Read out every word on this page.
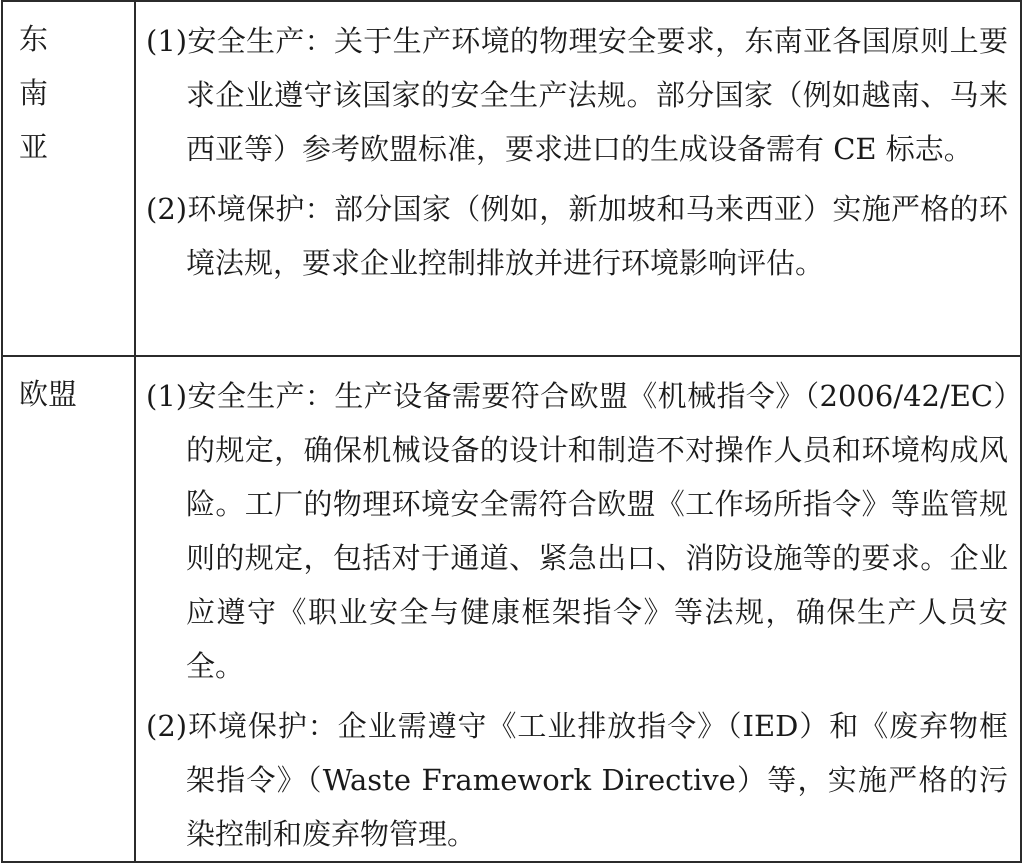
东 南 亚	(1)安全生产：关于生产环境的物理安全要求，东南亚各国原则上要求企业遵守该国家的安全生产法规。部分国家（例如越南、马来西亚等）参考欧盟标准，要求进口的生成设备需有 CE 标志。
(2)环境保护：部分国家（例如，新加坡和马来西亚）实施严格的环境法规，要求企业控制排放并进行环境影响评估。

欧盟	(1)安全生产：生产设备需要符合欧盟《机械指令》（2006/42/EC）的规定，确保机械设备的设计和制造不对操作人员和环境构成风险。工厂的物理环境安全需符合欧盟《工作场所指令》等监管规则的规定，包括对于通道、紧急出口、消防设施等的要求。企业应遵守《职业安全与健康框架指令》等法规，确保生产人员安全。
(2)环境保护：企业需遵守《工业排放指令》（IED）和《废弃物框架指令》（Waste Framework Directive）等，实施严格的污染控制和废弃物管理。
